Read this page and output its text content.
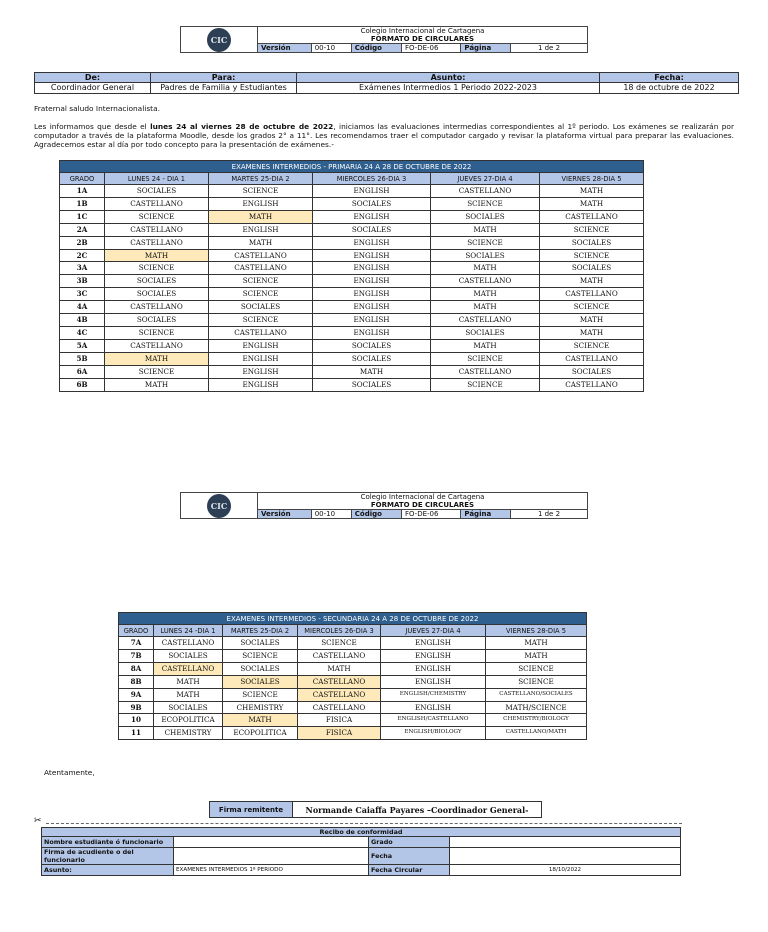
CIC	Colegio Internacional de Cartagena					
	FORMATO DE CIRCULARES					
	Versión	00-10	Código	FO-DE-06	Página	1 de 2
De:	Para:	Asunto:	Fecha:
Coordinador General	Padres de Familia y Estudiantes	Exámenes Intermedios 1 Periodo 2022-2023	18 de octubre de 2022
Fraternal saludo Internacionalista.
Les informamos que desde el lunes 24 al viernes 28 de octubre de 2022, iniciamos las evaluaciones intermedias correspondientes al 1º periodo. Los exámenes se realizarán por computador a través de la plataforma Moodle, desde los grados 2° a 11°. Les recomendamos traer el computador cargado y revisar la plataforma virtual para preparar las evaluaciones. Agradecemos estar al día por todo concepto para la presentación de exámenes.-
EXAMENES INTERMEDIOS - PRIMARIA 24 A 28 DE OCTUBRE DE 2022					
GRADO	LUNES 24 - DIA 1	MARTES 25-DIA 2	MIERCOLES 26-DIA 3	JUEVES 27-DIA 4	VIERNES 28-DIA 5
1A	SOCIALES	SCIENCE	ENGLISH	CASTELLANO	MATH
1B	CASTELLANO	ENGLISH	SOCIALES	SCIENCE	MATH
1C	SCIENCE	MATH	ENGLISH	SOCIALES	CASTELLANO
2A	CASTELLANO	ENGLISH	SOCIALES	MATH	SCIENCE
2B	CASTELLANO	MATH	ENGLISH	SCIENCE	SOCIALES
2C	MATH	CASTELLANO	ENGLISH	SOCIALES	SCIENCE
3A	SCIENCE	CASTELLANO	ENGLISH	MATH	SOCIALES
3B	SOCIALES	SCIENCE	ENGLISH	CASTELLANO	MATH
3C	SOCIALES	SCIENCE	ENGLISH	MATH	CASTELLANO
4A	CASTELLANO	SOCIALES	ENGLISH	MATH	SCIENCE
4B	SOCIALES	SCIENCE	ENGLISH	CASTELLANO	MATH
4C	SCIENCE	CASTELLANO	ENGLISH	SOCIALES	MATH
5A	CASTELLANO	ENGLISH	SOCIALES	MATH	SCIENCE
5B	MATH	ENGLISH	SOCIALES	SCIENCE	CASTELLANO
6A	SCIENCE	ENGLISH	MATH	CASTELLANO	SOCIALES
6B	MATH	ENGLISH	SOCIALES	SCIENCE	CASTELLANO
CIC	Colegio Internacional de Cartagena					
	FORMATO DE CIRCULARES					
	Versión	00-10	Código	FO-DE-06	Página	1 de 2
EXAMENES INTERMEDIOS - SECUNDARIA 24 A 28 DE OCTUBRE DE 2022					
GRADO	LUNES 24 -DIA 1	MARTES 25-DIA 2	MIERCOLES 26-DIA 3	JUEVES 27-DIA 4	VIERNES 28-DIA 5
7A	CASTELLANO	SOCIALES	SCIENCE	ENGLISH	MATH
7B	SOCIALES	SCIENCE	CASTELLANO	ENGLISH	MATH
8A	CASTELLANO	SOCIALES	MATH	ENGLISH	SCIENCE
8B	MATH	SOCIALES	CASTELLANO	ENGLISH	SCIENCE
9A	MATH	SCIENCE	CASTELLANO	ENGLISH/CHEMISTRY	CASTELLANO/SOCIALES
9B	SOCIALES	CHEMISTRY	CASTELLANO	ENGLISH	MATH/SCIENCE
10	ECOPOLITICA	MATH	FISICA	ENGLISH/CASTELLANO	CHEMISTRY/BIOLOGY
11	CHEMISTRY	ECOPOLITICA	FISICA	ENGLISH/BIOLOGY	CASTELLANO/MATH
Atentamente,
Firma remitente	Normande Caiaffa Payares –Coordinador General-
✂
Recibo de conformidad			
Nombre estudiante ó funcionario		Grado	
Firma de acudiente o del funcionario		Fecha	
Asunto:	EXAMENES INTERMEDIOS 1º PERIODO	Fecha Circular	18/10/2022
